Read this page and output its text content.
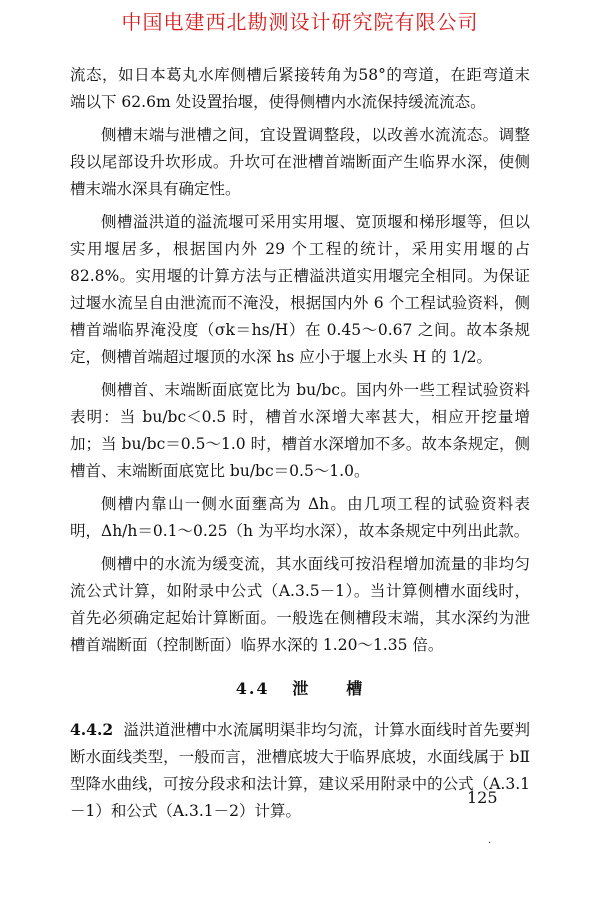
中国电建西北勘测设计研究院有限公司

流态，如日本葛丸水库侧槽后紧接转角为58°的弯道，在距弯道末端以下 62.6m 处设置抬堰，使得侧槽内水流保持缓流流态。

侧槽末端与泄槽之间，宜设置调整段，以改善水流流态。调整段以尾部设升坎形成。升坎可在泄槽首端断面产生临界水深，使侧槽末端水深具有确定性。

侧槽溢洪道的溢流堰可采用实用堰、宽顶堰和梯形堰等，但以实用堰居多，根据国内外 29 个工程的统计，采用实用堰的占 82.8%。实用堰的计算方法与正槽溢洪道实用堰完全相同。为保证过堰水流呈自由泄流而不淹没，根据国内外 6 个工程试验资料，侧槽首端临界淹没度（σk＝hs/H）在 0.45～0.67 之间。故本条规定，侧槽首端超过堰顶的水深 hs 应小于堰上水头 H 的 1/2。

侧槽首、末端断面底宽比为 bu/bc。国内外一些工程试验资料表明：当 bu/bc＜0.5 时，槽首水深增大率甚大，相应开挖量增加；当 bu/bc＝0.5～1.0 时，槽首水深增加不多。故本条规定，侧槽首、末端断面底宽比 bu/bc＝0.5～1.0。

侧槽内靠山一侧水面壅高为 Δh。由几项工程的试验资料表明，Δh/h＝0.1～0.25（h 为平均水深），故本条规定中列出此款。

侧槽中的水流为缓变流，其水面线可按沿程增加流量的非均匀流公式计算，如附录中公式（A.3.5－1）。当计算侧槽水面线时，首先必须确定起始计算断面。一般选在侧槽段末端，其水深约为泄槽首端断面（控制断面）临界水深的 1.20～1.35 倍。

4.4 泄　　槽

4.4.2 溢洪道泄槽中水流属明渠非均匀流，计算水面线时首先要判断水面线类型，一般而言，泄槽底坡大于临界底坡，水面线属于 bⅡ 型降水曲线，可按分段求和法计算，建议采用附录中的公式（A.3.1－1）和公式（A.3.1－2）计算。

125
·
